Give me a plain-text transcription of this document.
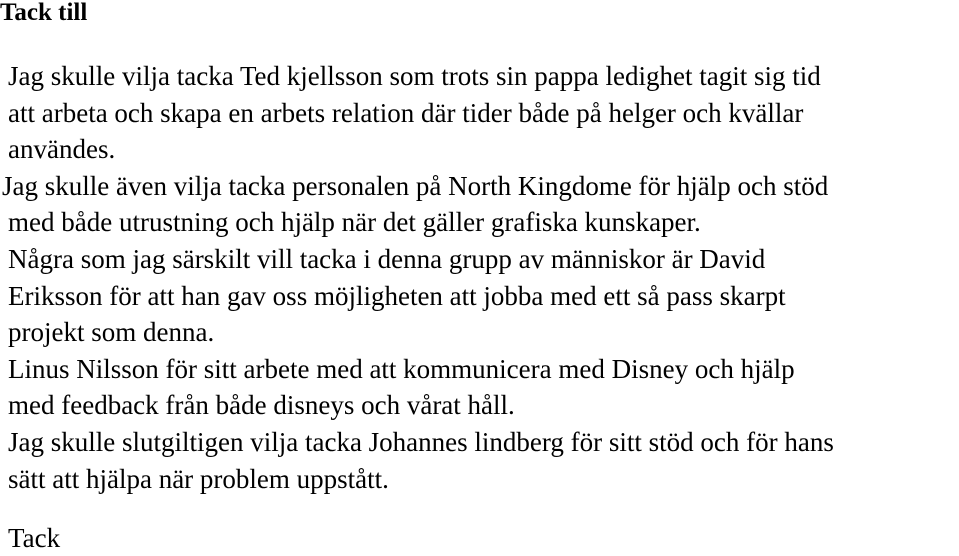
Tack till
Jag skulle vilja tacka Ted kjellsson som trots sin pappa ledighet tagit sig tid
att arbeta och skapa en arbets relation där tider både på helger och kvällar
användes.
Jag skulle även vilja tacka personalen på North Kingdome för hjälp och stöd
med både utrustning och hjälp när det gäller grafiska kunskaper.
Några som jag särskilt vill tacka i denna grupp av människor är David
Eriksson för att han gav oss möjligheten att jobba med ett så pass skarpt
projekt som denna.
Linus Nilsson för sitt arbete med att kommunicera med Disney och hjälp
med feedback från både disneys och vårat håll.
Jag skulle slutgiltigen vilja tacka Johannes lindberg för sitt stöd och för hans
sätt att hjälpa när problem uppstått.
Tack
